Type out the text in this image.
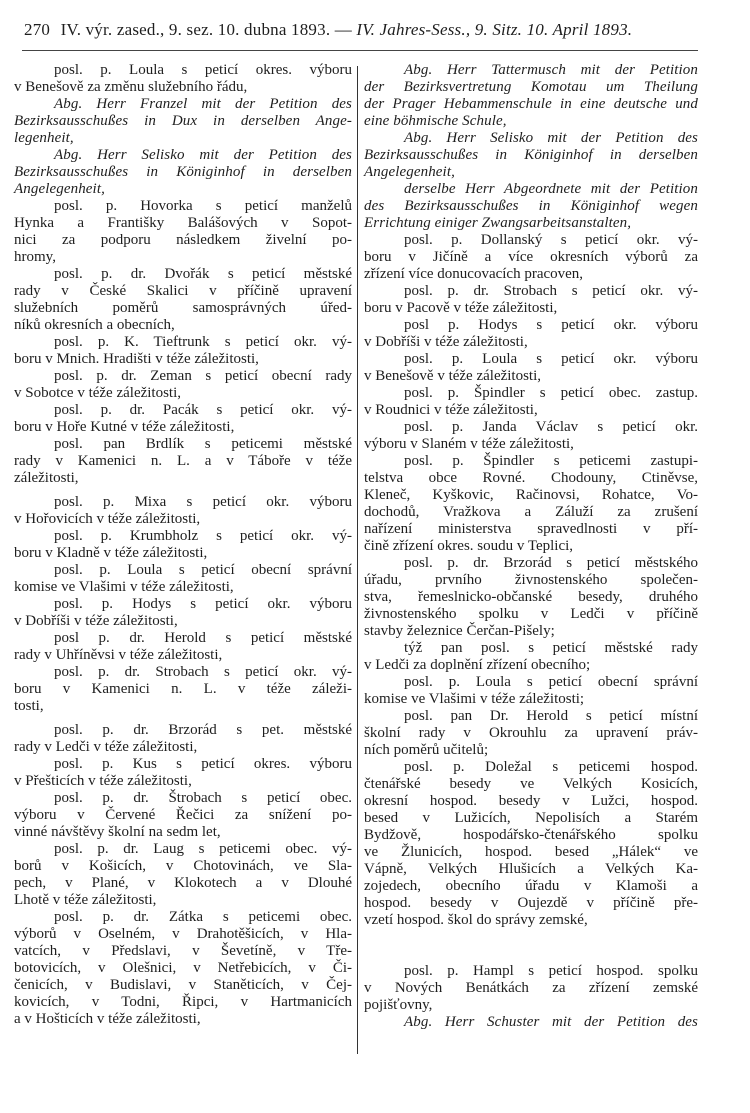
270 IV. výr. zased., 9. sez. 10. dubna 1893. — IV. Jahres-Sess., 9. Sitz. 10. April 1893.
posl. p. Loula s peticí okres. výboru
v Benešově za změnu služebního řádu,
Abg. Herr Franzel mit der Petition des
Bezirksausschußes in Dux in derselben Ange-
legenheit,
Abg. Herr Selisko mit der Petition des
Bezirksausschußes in Königinhof in derselben
Angelegenheit,
posl. p. Hovorka s peticí manželů
Hynka a Františky Balášových v Sopot-
nici za podporu následkem živelní po-
hromy,
posl. p. dr. Dvořák s peticí městské
rady v České Skalici v příčině upravení
služebních poměrů samosprávných úřed-
níků okresních a obecních,
posl. p. K. Tieftrunk s peticí okr. vý-
boru v Mnich. Hradišti v téže záležitosti,
posl. p. dr. Zeman s peticí obecní rady
v Sobotce v téže záležitosti,
posl. p. dr. Pacák s peticí okr. vý-
boru v Hoře Kutné v téže záležitosti,
posl. pan Brdlík s peticemi městské
rady v Kamenici n. L. a v Táboře v téže
záležitosti,
posl. p. Mixa s peticí okr. výboru
v Hořovicích v téže záležitosti,
posl. p. Krumbholz s peticí okr. vý-
boru v Kladně v téže záležitosti,
posl. p. Loula s peticí obecní správní
komise ve Vlašimi v téže záležitosti,
posl. p. Hodys s peticí okr. výboru
v Dobříši v téže záležitosti,
posl p. dr. Herold s peticí městské
rady v Uhříněvsi v téže záležitosti,
posl. p. dr. Strobach s peticí okr. vý-
boru v Kamenici n. L. v téže záleži-
tosti,
posl. p. dr. Brzorád s pet. městské
rady v Ledči v téže záležitosti,
posl. p. Kus s peticí okres. výboru
v Přešticích v téže záležitosti,
posl. p. dr. Štrobach s peticí obec.
výboru v Červené Řečici za snížení po-
vinné návštěvy školní na sedm let,
posl. p. dr. Laug s peticemi obec. vý-
borů v Košicích, v Chotovinách, ve Sla-
pech, v Plané, v Klokotech a v Dlouhé
Lhotě v téže záležitosti,
posl. p. dr. Zátka s peticemi obec.
výborů v Oselném, v Drahotěšicích, v Hla-
vatcích, v Předslavi, v Ševetíně, v Tře-
botovicích, v Olešnici, v Netřebicích, v Či-
čenicích, v Budislavi, v Staněticích, v Čej-
kovicích, v Todni, Řipci, v Hartmanicích
a v Hošticích v téže záležitosti,
Abg. Herr Tattermusch mit der Petition
der Bezirksvertretung Komotau um Theilung
der Prager Hebammenschule in eine deutsche und
eine böhmische Schule,
Abg. Herr Selisko mit der Petition des
Bezirksausschußes in Königinhof in derselben
Angelegenheit,
derselbe Herr Abgeordnete mit der Petition
des Bezirksausschußes in Königinhof wegen
Errichtung einiger Zwangsarbeitsanstalten,
posl. p. Dollanský s peticí okr. vý-
boru v Jičíně a více okresních výborů za
zřízení více donucovacích pracoven,
posl. p. dr. Strobach s peticí okr. vý-
boru v Pacově v téže záležitosti,
posl p. Hodys s peticí okr. výboru
v Dobříši v téže záležitosti,
posl. p. Loula s peticí okr. výboru
v Benešově v téže záležitosti,
posl. p. Špindler s peticí obec. zastup.
v Roudnici v téže záležitosti,
posl. p. Janda Václav s peticí okr.
výboru v Slaném v téže záležitosti,
posl. p. Špindler s peticemi zastupi-
telstva obce Rovné. Chodouny, Ctiněvse,
Kleneč, Kyškovic, Račinovsi, Rohatce, Vo-
dochodů, Vražkova a Záluží za zrušení
nařízení ministerstva spravedlnosti v pří-
čině zřízení okres. soudu v Teplici,
posl. p. dr. Brzorád s peticí městského
úřadu, prvního živnostenského společen-
stva, řemeslnicko-občanské besedy, druhého
živnostenského spolku v Ledči v příčině
stavby železnice Čerčan-Pišely;
týž pan posl. s peticí městské rady
v Ledči za doplnění zřízení obecního;
posl. p. Loula s peticí obecní správní
komise ve Vlašimi v téže záležitosti;
posl. pan Dr. Herold s peticí místní
školní rady v Okrouhlu za upravení práv-
ních poměrů učitelů;
posl. p. Doležal s peticemi hospod.
čtenářské besedy ve Velkých Kosicích,
okresní hospod. besedy v Lužci, hospod.
besed v Lužicích, Nepolisích a Starém
Bydžově, hospodářsko-čtenářského spolku
ve Žlunicích, hospod. besed „Hálek“ ve
Vápně, Velkých Hlušicích a Velkých Ka-
zojedech, obecního úřadu v Klamoši a
hospod. besedy v Oujezdě v příčině pře-
vzetí hospod. škol do správy zemské,
posl. p. Hampl s peticí hospod. spolku
v Nových Benátkách za zřízení zemské
pojišťovny,
Abg. Herr Schuster mit der Petition des
